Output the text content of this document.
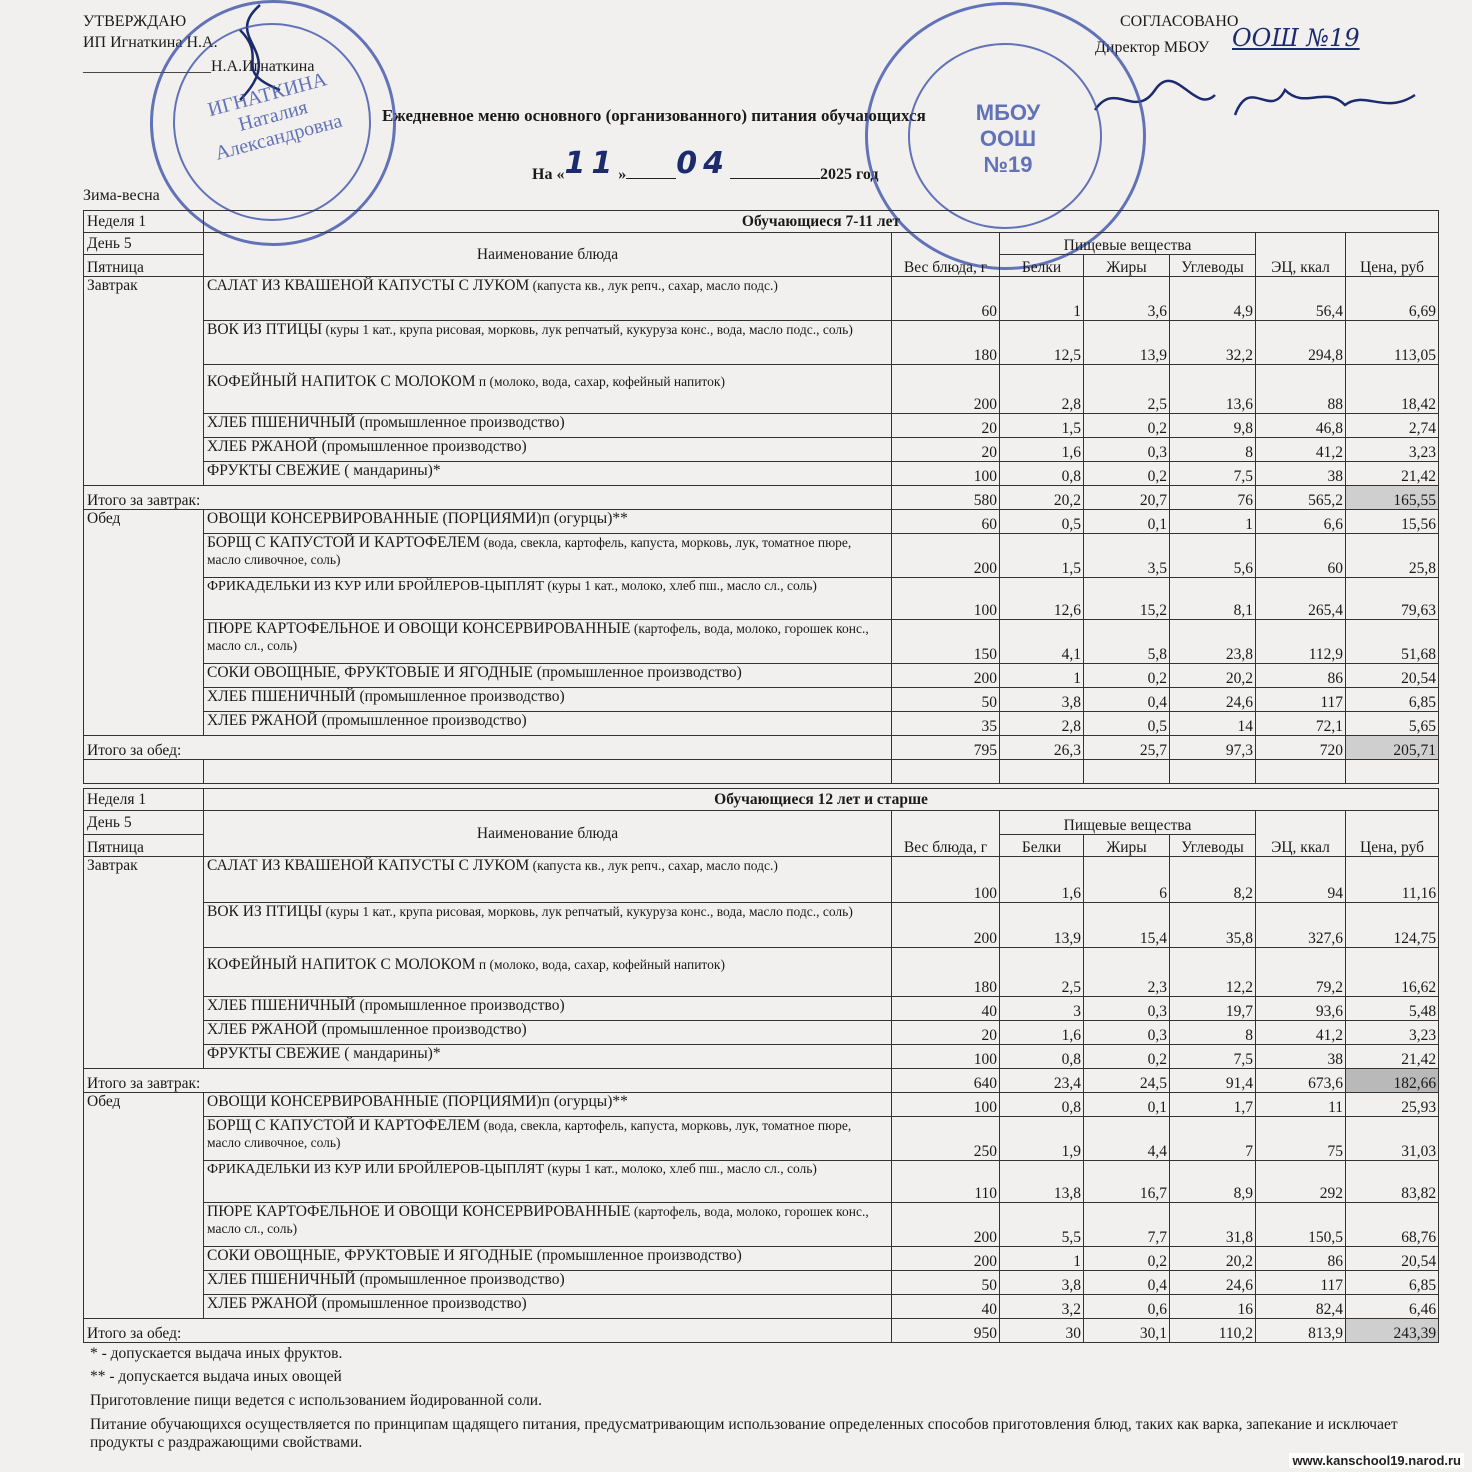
УТВЕРЖДАЮ
ИП Игнаткина Н.А.
________________Н.А.Игнаткина
СОГЛАСОВАНО
Директор МБОУ ООШ №19
Ежедневное меню основного (организованного) питания обучающихся
На «11» 04	2025 год
Зима-весна
ИГНАТКИНА Наталия Александровна	МБОУ ООШ №19
Неделя 1	Обучающиеся 7-11 лет						
День 5	Наименование блюда	Вес блюда, г	Пищевые вещества			ЭЦ, ккал	Цена, руб
Пятница			Белки	Жиры	Углеводы		
Завтрак	САЛАТ ИЗ КВАШЕНОЙ КАПУСТЫ С ЛУКОМ (капуста кв., лук репч., сахар, масло подс.)	60	1	3,6	4,9	56,4	6,69
	ВОК ИЗ ПТИЦЫ (куры 1 кат., крупа рисовая, морковь, лук репчатый, кукуруза конс., вода, масло подс., соль)	180	12,5	13,9	32,2	294,8	113,05
	КОФЕЙНЫЙ НАПИТОК С МОЛОКОМ п (молоко, вода, сахар, кофейный напиток)	200	2,8	2,5	13,6	88	18,42
	ХЛЕБ ПШЕНИЧНЫЙ (промышленное производство)	20	1,5	0,2	9,8	46,8	2,74
	ХЛЕБ РЖАНОЙ (промышленное производство)	20	1,6	0,3	8	41,2	3,23
	ФРУКТЫ СВЕЖИЕ ( мандарины)*	100	0,8	0,2	7,5	38	21,42
Итого за завтрак:		580	20,2	20,7	76	565,2	165,55
Обед	ОВОЩИ КОНСЕРВИРОВАННЫЕ (ПОРЦИЯМИ)п (огурцы)**	60	0,5	0,1	1	6,6	15,56
	БОРЩ С КАПУСТОЙ И КАРТОФЕЛЕМ (вода, свекла, картофель, капуста, морковь, лук, томатное пюре, масло сливочное, соль)	200	1,5	3,5	5,6	60	25,8
	ФРИКАДЕЛЬКИ ИЗ КУР ИЛИ БРОЙЛЕРОВ-ЦЫПЛЯТ (куры 1 кат., молоко, хлеб пш., масло сл., соль)	100	12,6	15,2	8,1	265,4	79,63
	ПЮРЕ КАРТОФЕЛЬНОЕ И ОВОЩИ КОНСЕРВИРОВАННЫЕ (картофель, вода, молоко, горошек конс., масло сл., соль)	150	4,1	5,8	23,8	112,9	51,68
	СОКИ ОВОЩНЫЕ, ФРУКТОВЫЕ И ЯГОДНЫЕ (промышленное производство)	200	1	0,2	20,2	86	20,54
	ХЛЕБ ПШЕНИЧНЫЙ (промышленное производство)	50	3,8	0,4	24,6	117	6,85
	ХЛЕБ РЖАНОЙ (промышленное производство)	35	2,8	0,5	14	72,1	5,65
Итого за обед:		795	26,3	25,7	97,3	720	205,71

Неделя 1	Обучающиеся 12 лет и старше						
День 5	Наименование блюда	Вес блюда, г	Пищевые вещества			ЭЦ, ккал	Цена, руб
Пятница			Белки	Жиры	Углеводы		
Завтрак	САЛАТ ИЗ КВАШЕНОЙ КАПУСТЫ С ЛУКОМ (капуста кв., лук репч., сахар, масло подс.)	100	1,6	6	8,2	94	11,16
	ВОК ИЗ ПТИЦЫ (куры 1 кат., крупа рисовая, морковь, лук репчатый, кукуруза конс., вода, масло подс., соль)	200	13,9	15,4	35,8	327,6	124,75
	КОФЕЙНЫЙ НАПИТОК С МОЛОКОМ п (молоко, вода, сахар, кофейный напиток)	180	2,5	2,3	12,2	79,2	16,62
	ХЛЕБ ПШЕНИЧНЫЙ (промышленное производство)	40	3	0,3	19,7	93,6	5,48
	ХЛЕБ РЖАНОЙ (промышленное производство)	20	1,6	0,3	8	41,2	3,23
	ФРУКТЫ СВЕЖИЕ ( мандарины)*	100	0,8	0,2	7,5	38	21,42
Итого за завтрак:		640	23,4	24,5	91,4	673,6	182,66
Обед	ОВОЩИ КОНСЕРВИРОВАННЫЕ (ПОРЦИЯМИ)п (огурцы)**	100	0,8	0,1	1,7	11	25,93
	БОРЩ С КАПУСТОЙ И КАРТОФЕЛЕМ (вода, свекла, картофель, капуста, морковь, лук, томатное пюре, масло сливочное, соль)	250	1,9	4,4	7	75	31,03
	ФРИКАДЕЛЬКИ ИЗ КУР ИЛИ БРОЙЛЕРОВ-ЦЫПЛЯТ (куры 1 кат., молоко, хлеб пш., масло сл., соль)	110	13,8	16,7	8,9	292	83,82
	ПЮРЕ КАРТОФЕЛЬНОЕ И ОВОЩИ КОНСЕРВИРОВАННЫЕ (картофель, вода, молоко, горошек конс., масло сл., соль)	200	5,5	7,7	31,8	150,5	68,76
	СОКИ ОВОЩНЫЕ, ФРУКТОВЫЕ И ЯГОДНЫЕ (промышленное производство)	200	1	0,2	20,2	86	20,54
	ХЛЕБ ПШЕНИЧНЫЙ (промышленное производство)	50	3,8	0,4	24,6	117	6,85
	ХЛЕБ РЖАНОЙ (промышленное производство)	40	3,2	0,6	16	82,4	6,46
Итого за обед:		950	30	30,1	110,2	813,9	243,39
* - допускается выдача иных фруктов.
** - допускается выдача иных овощей
Приготовление пищи ведется с использованием йодированной соли.
Питание обучающихся осуществляется по принципам щадящего питания, предусматривающим использование определенных способов приготовления блюд, таких как варка, запекание и исключает продукты с раздражающими свойствами.
www.kanschool19.narod.ru
